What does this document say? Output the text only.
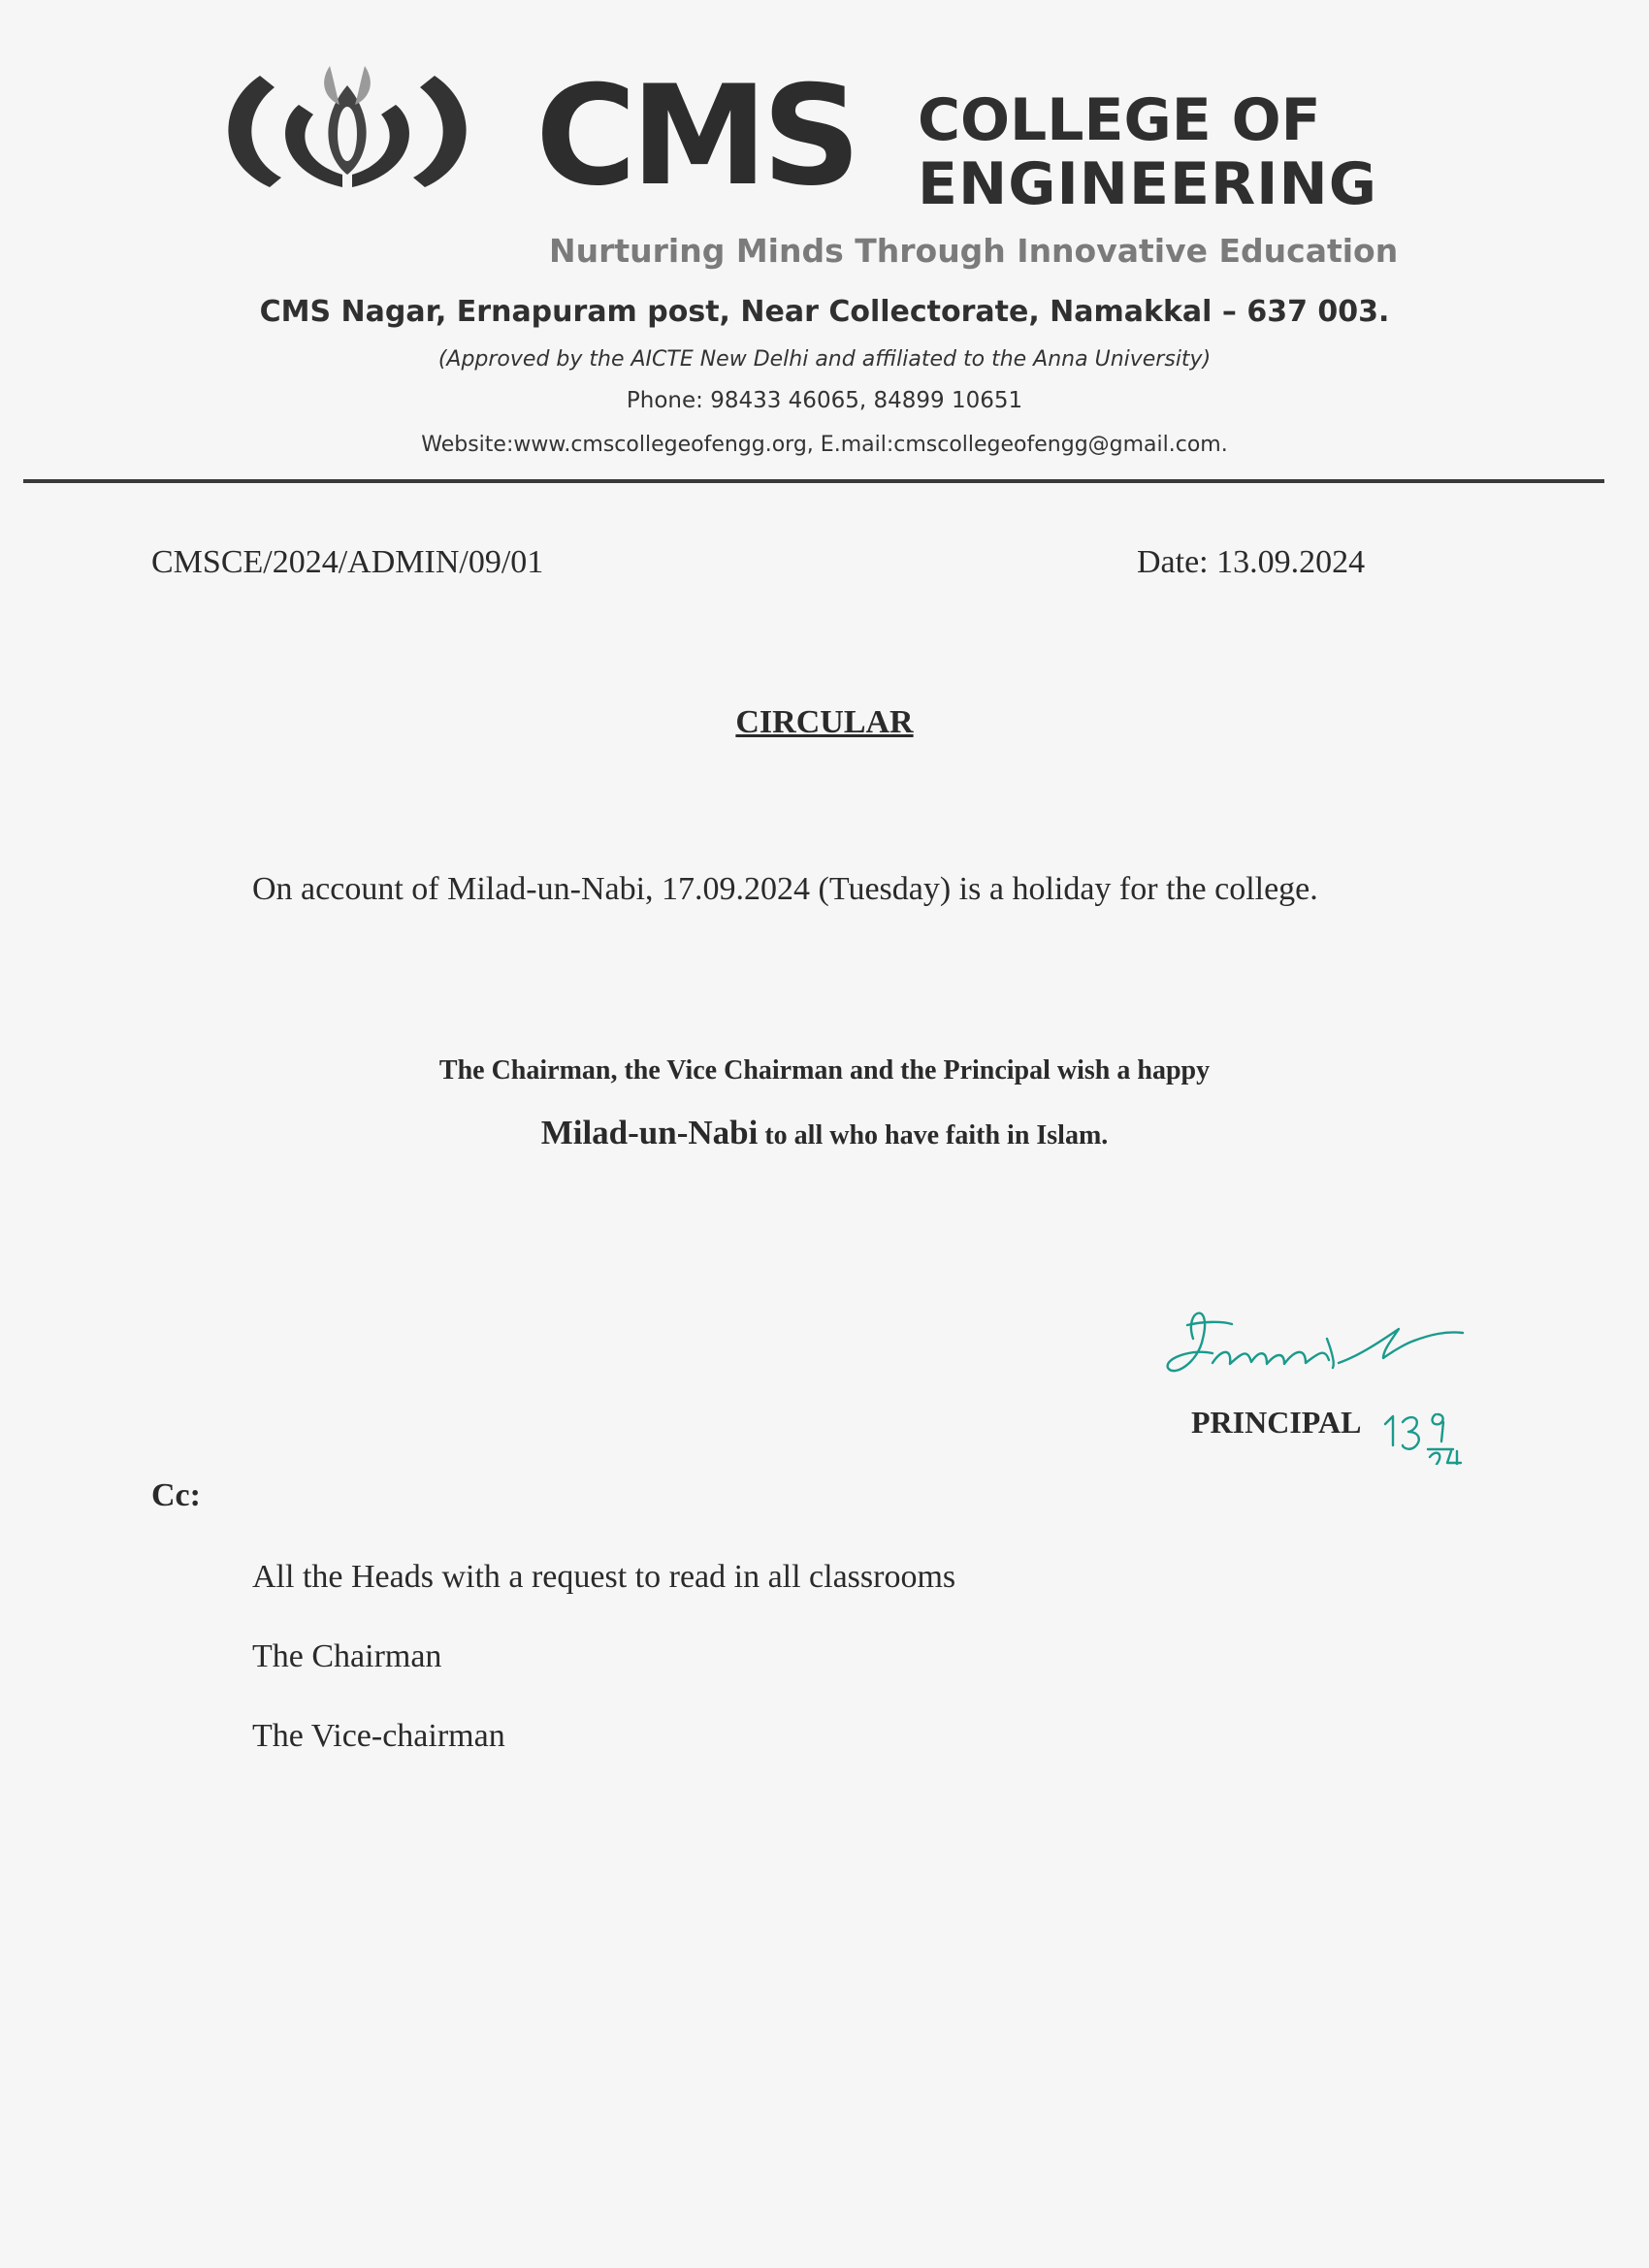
CMS COLLEGE OF
ENGINEERING
Nurturing Minds Through Innovative Education
CMS Nagar, Ernapuram post, Near Collectorate, Namakkal – 637 003.
(Approved by the AICTE New Delhi and affiliated to the Anna University)
Phone: 98433 46065, 84899 10651
Website:www.cmscollegeofengg.org, E.mail:cmscollegeofengg@gmail.com.
CMSCE/2024/ADMIN/09/01	Date: 13.09.2024
CIRCULAR
On account of Milad-un-Nabi, 17.09.2024 (Tuesday) is a holiday for the college.
The Chairman, the Vice Chairman and the Principal wish a happy
Milad-un-Nabi to all who have faith in Islam.
PRINCIPAL
Cc:
All the Heads with a request to read in all classrooms
The Chairman
The Vice-chairman
